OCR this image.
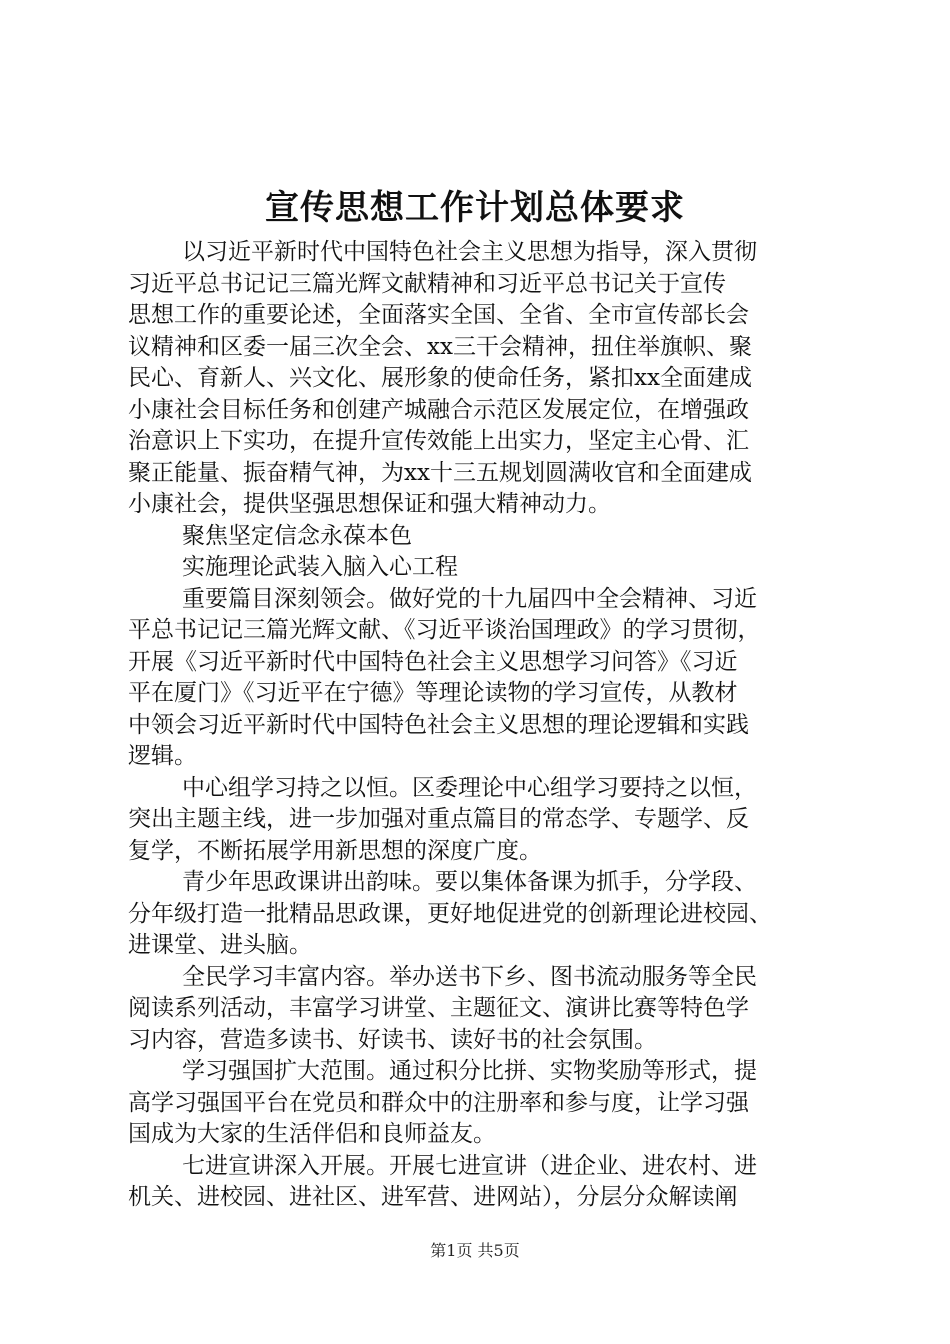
宣传思想工作计划总体要求
以习近平新时代中国特色社会主义思想为指导，深入贯彻
习近平总书记记三篇光辉文献精神和习近平总书记关于宣传
思想工作的重要论述，全面落实全国、全省、全市宣传部长会
议精神和区委一届三次全会、xx三干会精神，扭住举旗帜、聚
民心、育新人、兴文化、展形象的使命任务，紧扣xx全面建成
小康社会目标任务和创建产城融合示范区发展定位，在增强政
治意识上下实功，在提升宣传效能上出实力，坚定主心骨、汇
聚正能量、振奋精气神，为xx十三五规划圆满收官和全面建成
小康社会，提供坚强思想保证和强大精神动力。
聚焦坚定信念永葆本色
实施理论武装入脑入心工程
重要篇目深刻领会。做好党的十九届四中全会精神、习近
平总书记记三篇光辉文献、《习近平谈治国理政》的学习贯彻，
开展《习近平新时代中国特色社会主义思想学习问答》《习近
平在厦门》《习近平在宁德》等理论读物的学习宣传，从教材
中领会习近平新时代中国特色社会主义思想的理论逻辑和实践
逻辑。
中心组学习持之以恒。区委理论中心组学习要持之以恒，
突出主题主线，进一步加强对重点篇目的常态学、专题学、反
复学，不断拓展学用新思想的深度广度。
青少年思政课讲出韵味。要以集体备课为抓手，分学段、
分年级打造一批精品思政课，更好地促进党的创新理论进校园、
进课堂、进头脑。
全民学习丰富内容。举办送书下乡、图书流动服务等全民
阅读系列活动，丰富学习讲堂、主题征文、演讲比赛等特色学
习内容，营造多读书、好读书、读好书的社会氛围。
学习强国扩大范围。通过积分比拼、实物奖励等形式，提
高学习强国平台在党员和群众中的注册率和参与度，让学习强
国成为大家的生活伴侣和良师益友。
七进宣讲深入开展。开展七进宣讲（进企业、进农村、进
机关、进校园、进社区、进军营、进网站），分层分众解读阐
第1页 共5页
